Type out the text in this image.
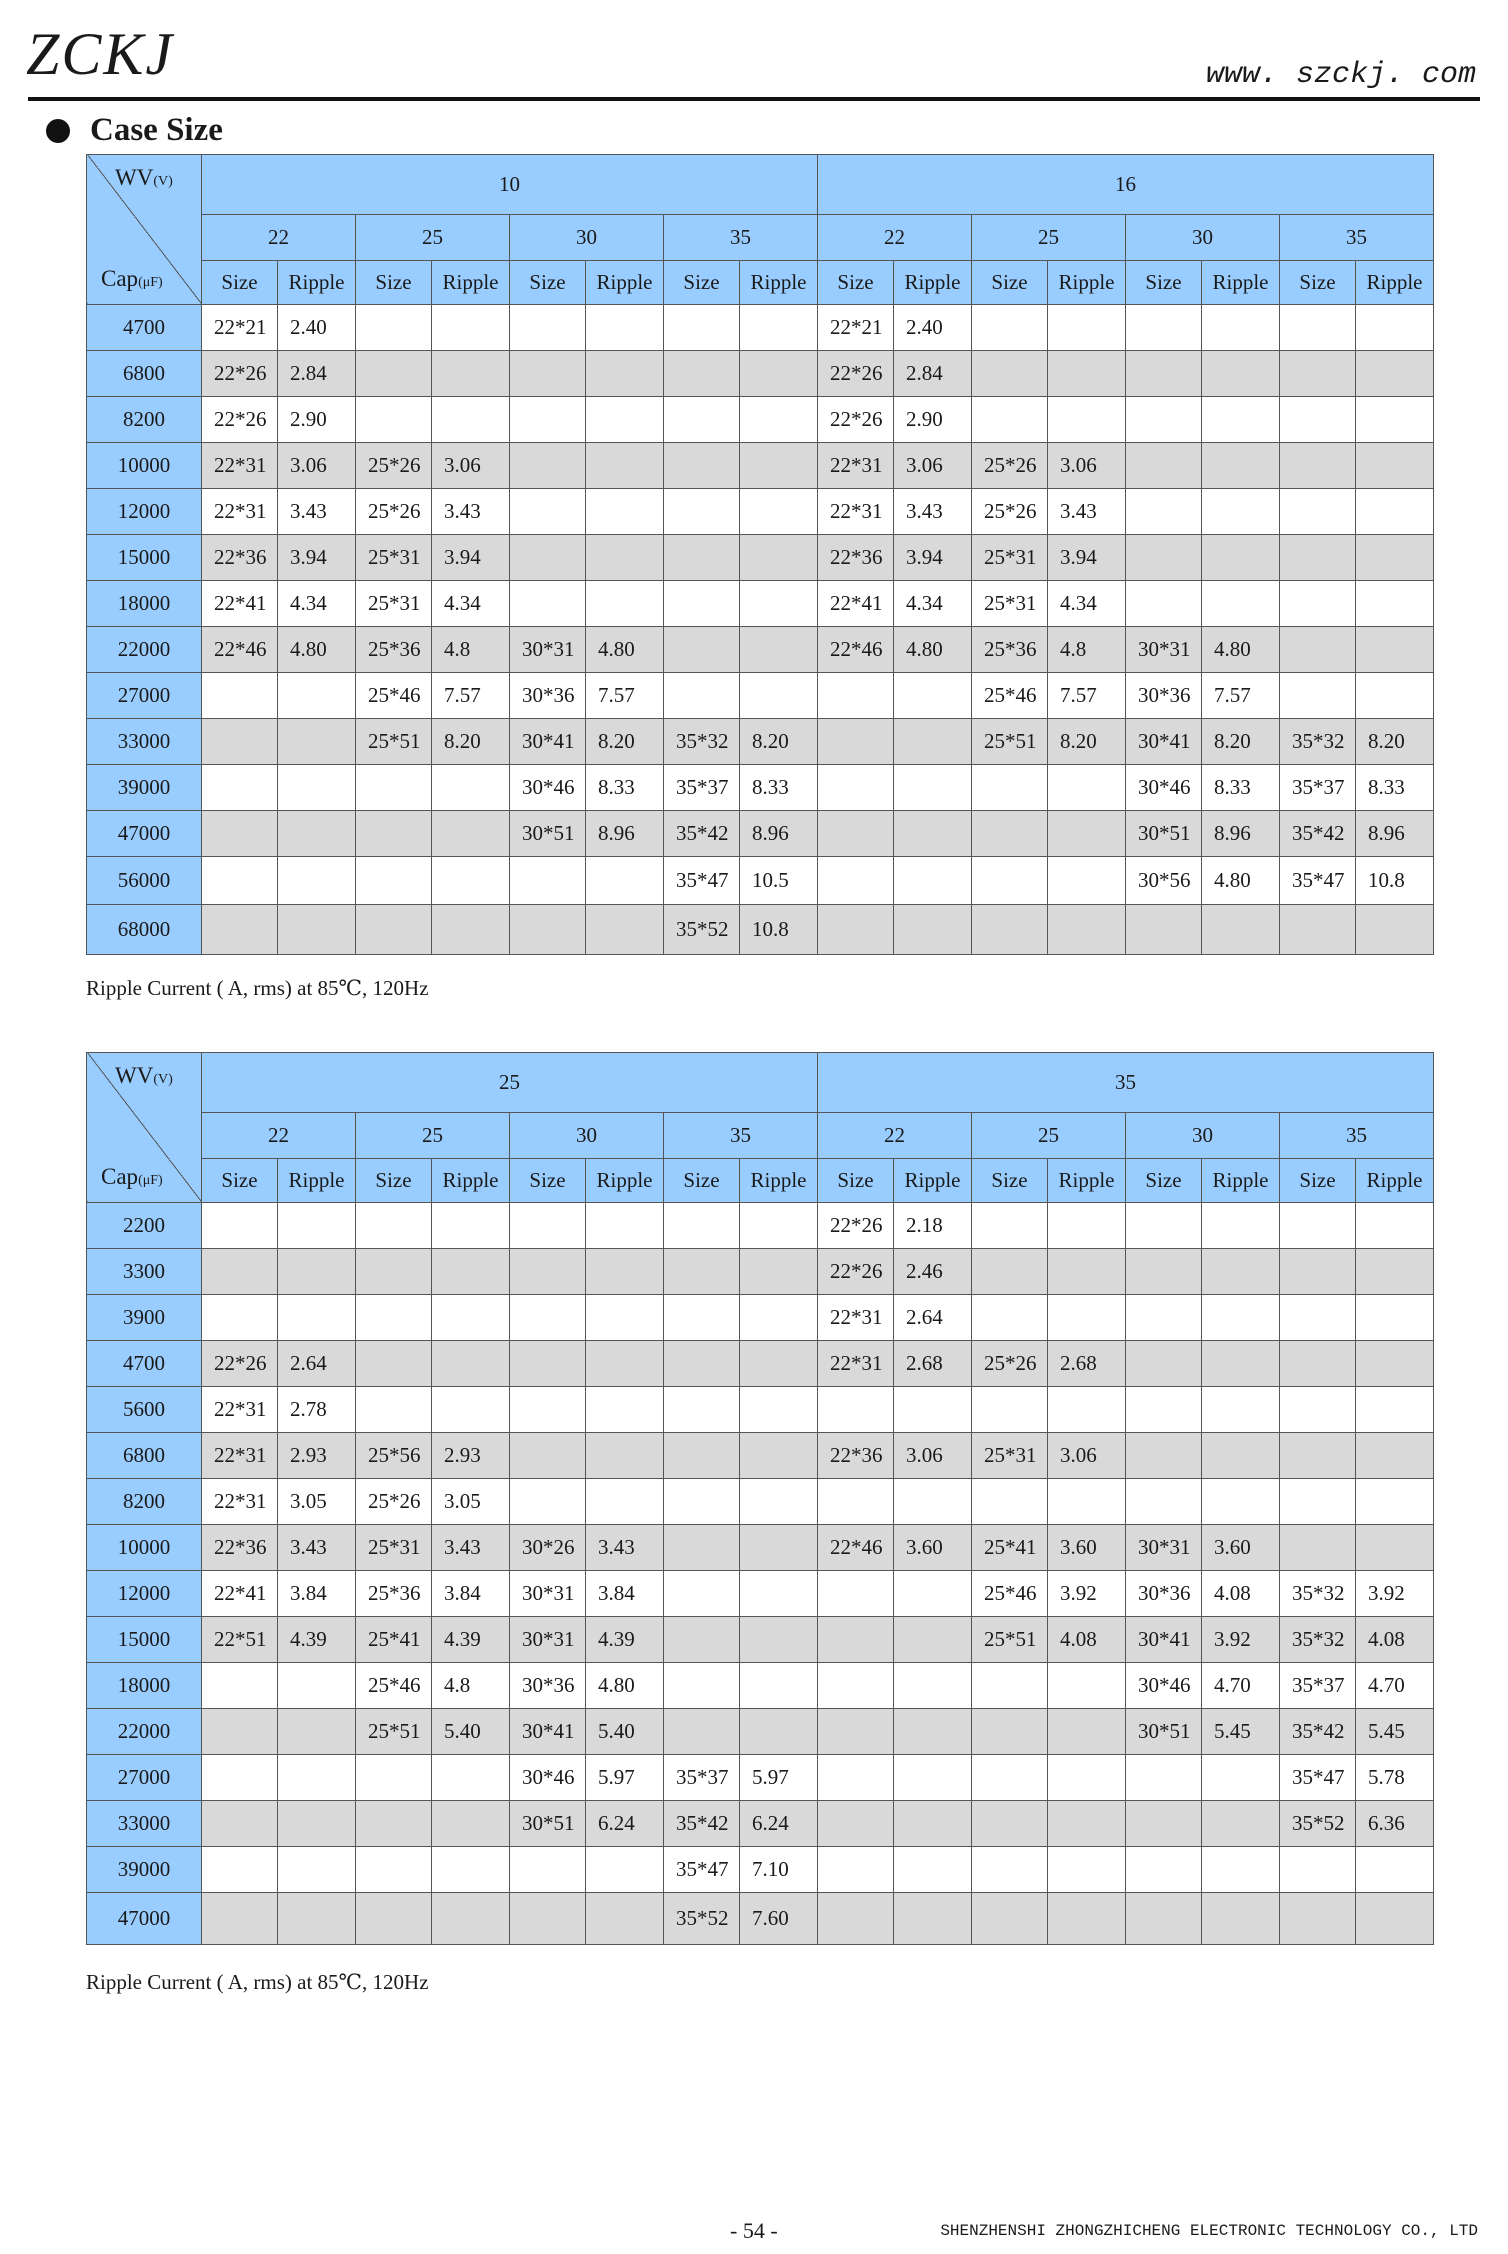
ZCKJ	www. szckj. com
Case Size
WV(V)
Cap(μF)	10								16							
	22		25		30		35		22		25		30		35	
	Size	Ripple	Size	Ripple	Size	Ripple	Size	Ripple	Size	Ripple	Size	Ripple	Size	Ripple	Size	Ripple
4700	22*21	2.40							22*21	2.40						
6800	22*26	2.84							22*26	2.84						
8200	22*26	2.90							22*26	2.90						
10000	22*31	3.06	25*26	3.06					22*31	3.06	25*26	3.06				
12000	22*31	3.43	25*26	3.43					22*31	3.43	25*26	3.43				
15000	22*36	3.94	25*31	3.94					22*36	3.94	25*31	3.94				
18000	22*41	4.34	25*31	4.34					22*41	4.34	25*31	4.34				
22000	22*46	4.80	25*36	4.8	30*31	4.80			22*46	4.80	25*36	4.8	30*31	4.80		
27000			25*46	7.57	30*36	7.57					25*46	7.57	30*36	7.57		
33000			25*51	8.20	30*41	8.20	35*32	8.20			25*51	8.20	30*41	8.20	35*32	8.20
39000					30*46	8.33	35*37	8.33					30*46	8.33	35*37	8.33
47000					30*51	8.96	35*42	8.96					30*51	8.96	35*42	8.96
56000							35*47	10.5					30*56	4.80	35*47	10.8
68000							35*52	10.8								
Ripple Current ( A, rms) at 85℃, 120Hz
WV(V)
Cap(μF)	25								35							
	22		25		30		35		22		25		30		35	
	Size	Ripple	Size	Ripple	Size	Ripple	Size	Ripple	Size	Ripple	Size	Ripple	Size	Ripple	Size	Ripple
2200									22*26	2.18						
3300									22*26	2.46						
3900									22*31	2.64						
4700	22*26	2.64							22*31	2.68	25*26	2.68				
5600	22*31	2.78														
6800	22*31	2.93	25*56	2.93					22*36	3.06	25*31	3.06				
8200	22*31	3.05	25*26	3.05												
10000	22*36	3.43	25*31	3.43	30*26	3.43			22*46	3.60	25*41	3.60	30*31	3.60		
12000	22*41	3.84	25*36	3.84	30*31	3.84					25*46	3.92	30*36	4.08	35*32	3.92
15000	22*51	4.39	25*41	4.39	30*31	4.39					25*51	4.08	30*41	3.92	35*32	4.08
18000			25*46	4.8	30*36	4.80							30*46	4.70	35*37	4.70
22000			25*51	5.40	30*41	5.40							30*51	5.45	35*42	5.45
27000					30*46	5.97	35*37	5.97							35*47	5.78
33000					30*51	6.24	35*42	6.24							35*52	6.36
39000							35*47	7.10								
47000							35*52	7.60								
Ripple Current ( A, rms) at 85℃, 120Hz
- 54 -	SHENZHENSHI ZHONGZHICHENG ELECTRONIC TECHNOLOGY CO., LTD
